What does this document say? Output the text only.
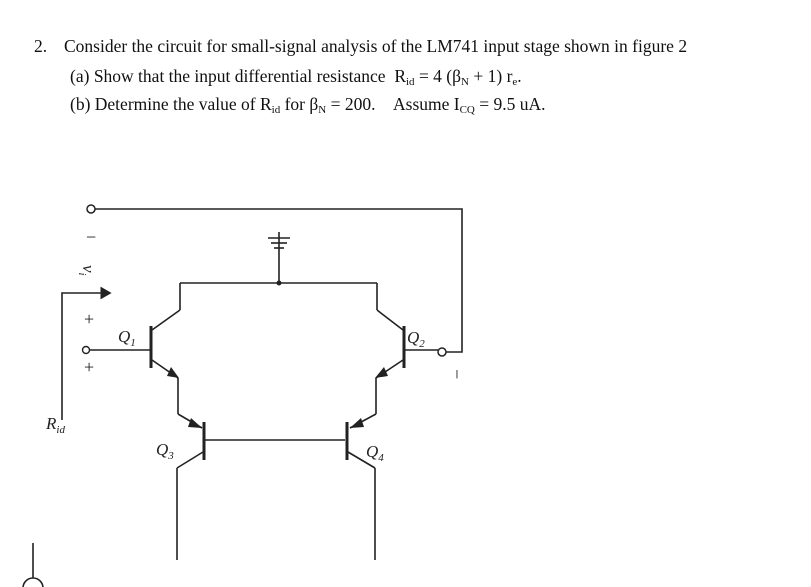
2. Consider the circuit for small-signal analysis of the LM741 input stage shown in figure 2
(a) Show that the input differential resistance $R_{id} = 4$ $(\beta_N + 1)$ $r_e$.
(b) Determine the value of $R_{id}$ for $\beta_N = 200$. Assume $I_{CQ} = 9.5$ uA.
−
$v_i$
+
+	−
$Q_1$	$Q_2$
$Q_3$	$Q_4$
$R_{id}$
